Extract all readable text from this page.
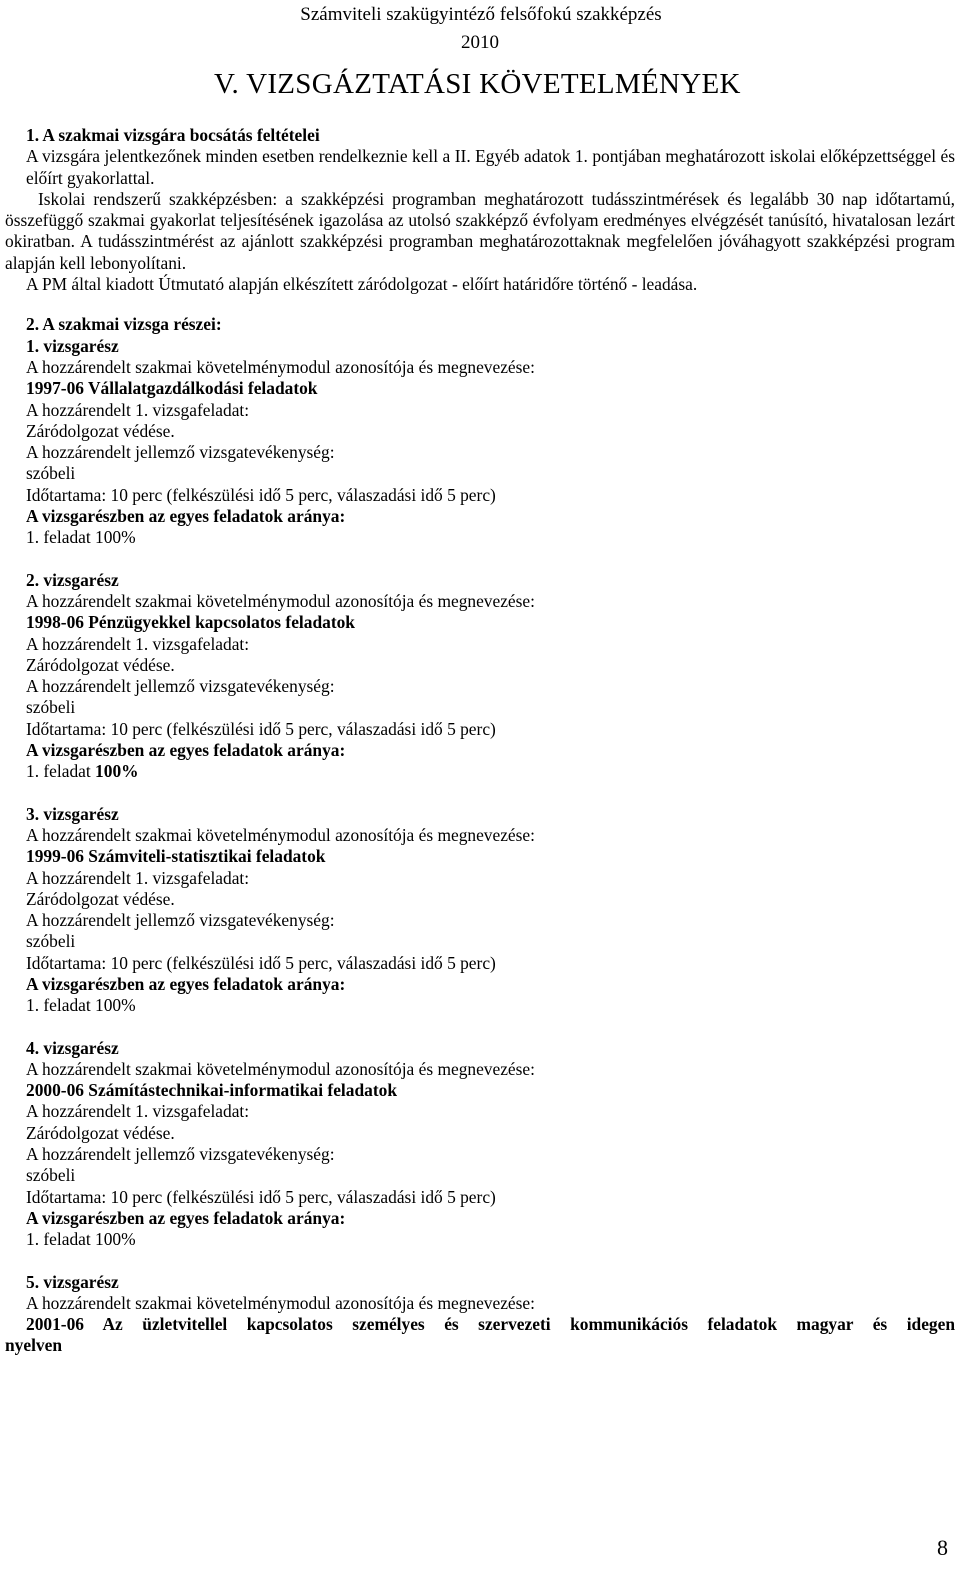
Számviteli szakügyintéző felsőfokú szakképzés
2010
V. VIZSGÁZTATÁSI KÖVETELMÉNYEK
1. A szakmai vizsgára bocsátás feltételei
A vizsgára jelentkezőnek minden esetben rendelkeznie kell a II. Egyéb adatok 1. pontjában meghatározott iskolai előképzettséggel és előírt gyakorlattal.
Iskolai rendszerű szakképzésben: a szakképzési programban meghatározott tudásszintmérések és legalább 30 nap időtartamú, összefüggő szakmai gyakorlat teljesítésének igazolása az utolsó szakképző évfolyam eredményes elvégzését tanúsító, hivatalosan lezárt okiratban. A tudásszintmérést az ajánlott szakképzési programban meghatározottaknak megfelelően jóváhagyott szakképzési program alapján kell lebonyolítani.
A PM által kiadott Útmutató alapján elkészített záródolgozat - előírt határidőre történő - leadása.
2. A szakmai vizsga részei:
1. vizsgarész
A hozzárendelt szakmai követelménymodul azonosítója és megnevezése:
1997-06 Vállalatgazdálkodási feladatok
A hozzárendelt 1. vizsgafeladat:
Záródolgozat védése.
A hozzárendelt jellemző vizsgatevékenység:
szóbeli
Időtartama: 10 perc (felkészülési idő 5 perc, válaszadási idő 5 perc)
A vizsgarészben az egyes feladatok aránya:
1. feladat 100%
2. vizsgarész
A hozzárendelt szakmai követelménymodul azonosítója és megnevezése:
1998-06 Pénzügyekkel kapcsolatos feladatok
A hozzárendelt 1. vizsgafeladat:
Záródolgozat védése.
A hozzárendelt jellemző vizsgatevékenység:
szóbeli
Időtartama: 10 perc (felkészülési idő 5 perc, válaszadási idő 5 perc)
A vizsgarészben az egyes feladatok aránya:
1. feladat 100%
3. vizsgarész
A hozzárendelt szakmai követelménymodul azonosítója és megnevezése:
1999-06 Számviteli-statisztikai feladatok
A hozzárendelt 1. vizsgafeladat:
Záródolgozat védése.
A hozzárendelt jellemző vizsgatevékenység:
szóbeli
Időtartama: 10 perc (felkészülési idő 5 perc, válaszadási idő 5 perc)
A vizsgarészben az egyes feladatok aránya:
1. feladat 100%
4. vizsgarész
A hozzárendelt szakmai követelménymodul azonosítója és megnevezése:
2000-06 Számítástechnikai-informatikai feladatok
A hozzárendelt 1. vizsgafeladat:
Záródolgozat védése.
A hozzárendelt jellemző vizsgatevékenység:
szóbeli
Időtartama: 10 perc (felkészülési idő 5 perc, válaszadási idő 5 perc)
A vizsgarészben az egyes feladatok aránya:
1. feladat 100%
5. vizsgarész
A hozzárendelt szakmai követelménymodul azonosítója és megnevezése:
2001-06 Az üzletvitellel kapcsolatos személyes és szervezeti kommunikációs feladatok magyar és idegen
nyelven
8
